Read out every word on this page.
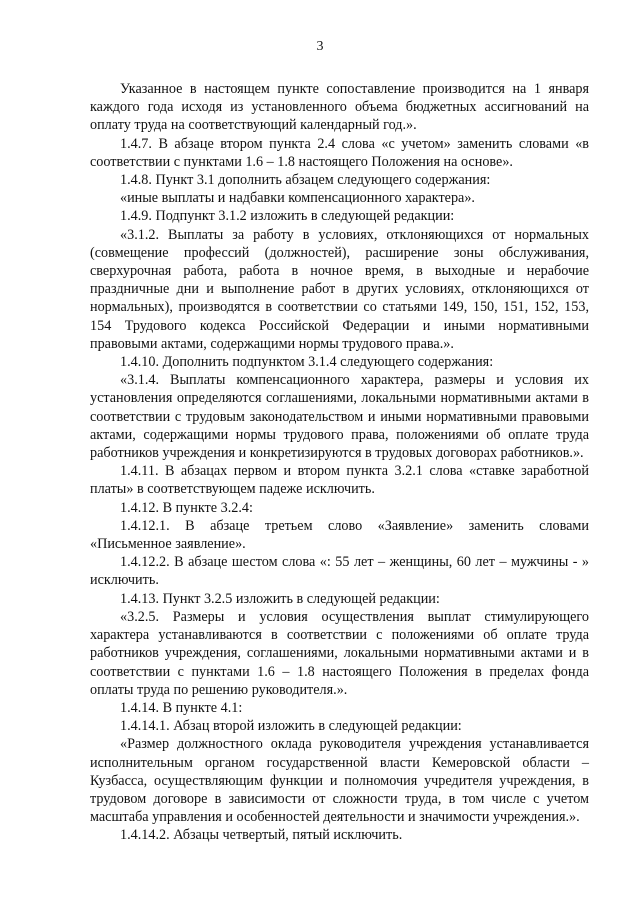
3

Указанное в настоящем пункте сопоставление производится на 1 января каждого года исходя из установленного объема бюджетных ассигнований на оплату труда на соответствующий календарный год.».

1.4.7. В абзаце втором пункта 2.4 слова «с учетом» заменить словами «в соответствии с пунктами 1.6 – 1.8 настоящего Положения на основе».

1.4.8. Пункт 3.1 дополнить абзацем следующего содержания:

«иные выплаты и надбавки компенсационного характера».

1.4.9. Подпункт 3.1.2 изложить в следующей редакции:

«3.1.2. Выплаты за работу в условиях, отклоняющихся от нормальных (совмещение профессий (должностей), расширение зоны обслуживания, сверхурочная работа, работа в ночное время, в выходные и нерабочие праздничные дни и выполнение работ в других условиях, отклоняющихся от нормальных), производятся в соответствии со статьями 149, 150, 151, 152, 153, 154 Трудового кодекса Российской Федерации и иными нормативными правовыми актами, содержащими нормы трудового права.».

1.4.10. Дополнить подпунктом 3.1.4 следующего содержания:

«3.1.4. Выплаты компенсационного характера, размеры и условия их установления определяются соглашениями, локальными нормативными актами в соответствии с трудовым законодательством и иными нормативными правовыми актами, содержащими нормы трудового права, положениями об оплате труда работников учреждения и конкретизируются в трудовых договорах работников.».

1.4.11. В абзацах первом и втором пункта 3.2.1 слова «ставке заработной платы» в соответствующем падеже исключить.

1.4.12. В пункте 3.2.4:

1.4.12.1. В абзаце третьем слово «Заявление» заменить словами «Письменное заявление».

1.4.12.2. В абзаце шестом слова «: 55 лет – женщины, 60 лет – мужчины - » исключить.

1.4.13. Пункт 3.2.5 изложить в следующей редакции:

«3.2.5. Размеры и условия осуществления выплат стимулирующего характера устанавливаются в соответствии с положениями об оплате труда работников учреждения, соглашениями, локальными нормативными актами и в соответствии с пунктами 1.6 – 1.8 настоящего Положения в пределах фонда оплаты труда по решению руководителя.».

1.4.14. В пункте 4.1:

1.4.14.1. Абзац второй изложить в следующей редакции:

«Размер должностного оклада руководителя учреждения устанавливается исполнительным органом государственной власти Кемеровской области – Кузбасса, осуществляющим функции и полномочия учредителя учреждения, в трудовом договоре в зависимости от сложности труда, в том числе с учетом масштаба управления и особенностей деятельности и значимости учреждения.».

1.4.14.2. Абзацы четвертый, пятый исключить.
